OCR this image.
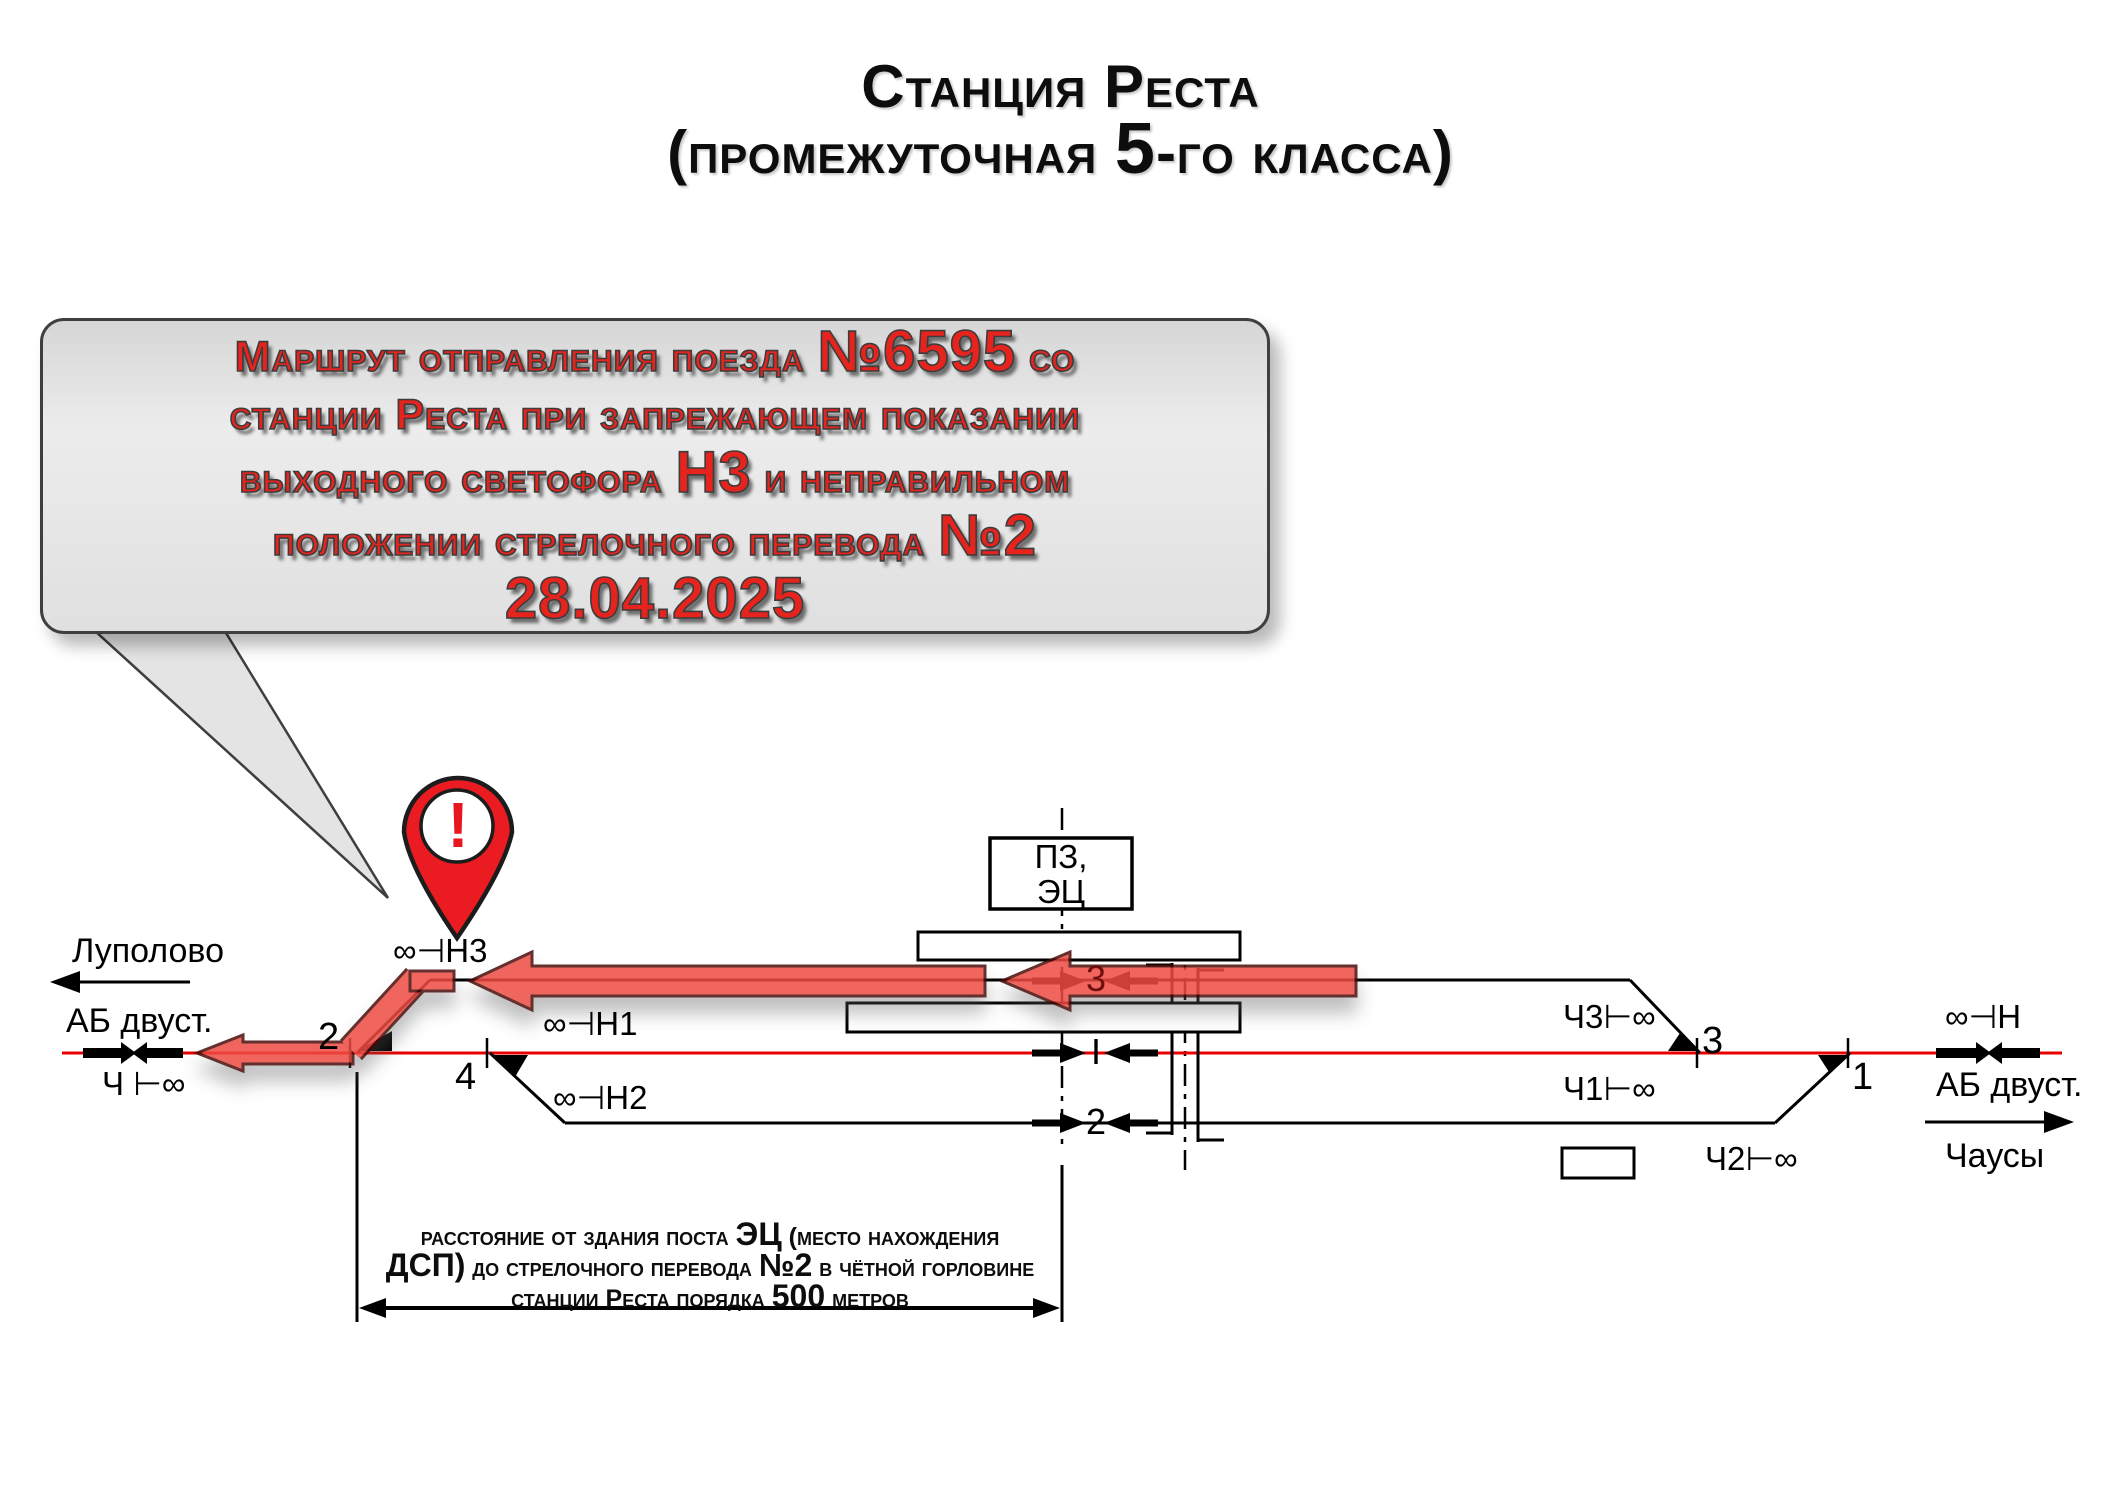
Станция Реста
(промежуточная 5-го класса)
Маршрут отправления поезда №6595 со
станции Реста при запрежающем показании
выходного светофора Н3 и неправильном
положении стрелочного перевода №2
28.04.2025
!
Луполово
АБ двуст.
Ч ⊢∞
∞⊣Н3
∞⊣Н1
∞⊣Н2
2
4
3
1
3
I
2
ПЗ,
ЭЦ
Ч3⊢∞
Ч1⊢∞
Ч2⊢∞
∞⊣Н
АБ двуст.
Чаусы
расстояние от здания поста ЭЦ (место нахождения
ДСП) до стрелочного перевода №2 в чётной горловине
станции Реста порядка 500 метров
